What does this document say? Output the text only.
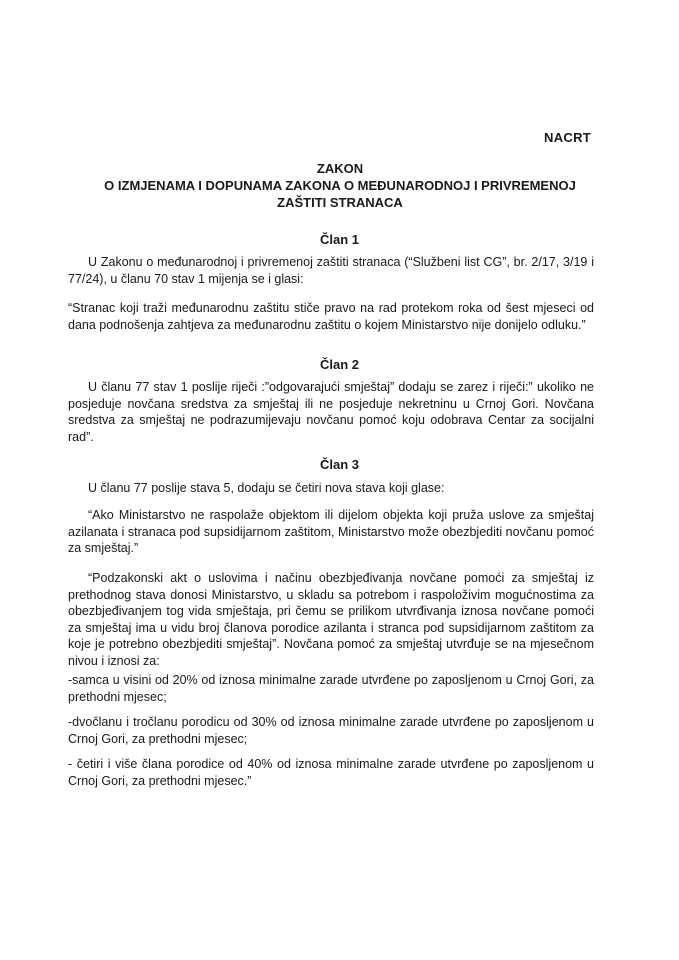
NACRT
ZAKON
O IZMJENAMA I DOPUNAMA ZAKONA O MEĐUNARODNOJ I PRIVREMENOJ
ZAŠTITI STRANACA
Član 1

U Zakonu o međunarodnoj i privremenoj zaštiti stranaca (“Službeni list CG”, br. 2/17, 3/19 i 77/24), u članu 70 stav 1 mijenja se i glasi:

“Stranac koji traži međunarodnu zaštitu stiče pravo na rad protekom roka od šest mjeseci od dana podnošenja zahtjeva za međunarodnu zaštitu o kojem Ministarstvo nije donijelo odluku.”

Član 2

U članu 77 stav 1 poslije riječi :”odgovarajući smještaj” dodaju se zarez i riječi:” ukoliko ne posjeduje novčana sredstva za smještaj ili ne posjeduje nekretninu u Crnoj Gori. Novčana sredstva za smještaj ne podrazumijevaju novčanu pomoć koju odobrava Centar za socijalni rad”.

Član 3

U članu 77 poslije stava 5, dodaju se četiri nova stava koji glase:

“Ako Ministarstvo ne raspolaže objektom ili dijelom objekta koji pruža uslove za smještaj azilanata i stranaca pod supsidijarnom zaštitom, Ministarstvo može obezbjediti novčanu pomoć za smještaj.”

“Podzakonski akt o uslovima i načinu obezbjeđivanja novčane pomoći za smještaj iz prethodnog stava donosi Ministarstvo, u skladu sa potrebom i raspoloživim mogućnostima za obezbjeđivanjem tog vida smještaja, pri čemu se prilikom utvrđivanja iznosa novčane pomoći za smještaj ima u vidu broj članova porodice azilanta i stranca pod supsidijarnom zaštitom za koje je potrebno obezbjediti smještaj”. Novčana pomoć za smještaj utvrđuje se na mjesečnom nivou i iznosi za:

-samca u visini od 20% od iznosa minimalne zarade utvrđene po zaposljenom u Crnoj Gori, za prethodni mjesec;

-dvočlanu i tročlanu porodicu od 30% od iznosa minimalne zarade utvrđene po zaposljenom u Crnoj Gori, za prethodni mjesec;

- četiri i više člana porodice od 40% od iznosa minimalne zarade utvrđene po zaposljenom u Crnoj Gori, za prethodni mjesec.”
